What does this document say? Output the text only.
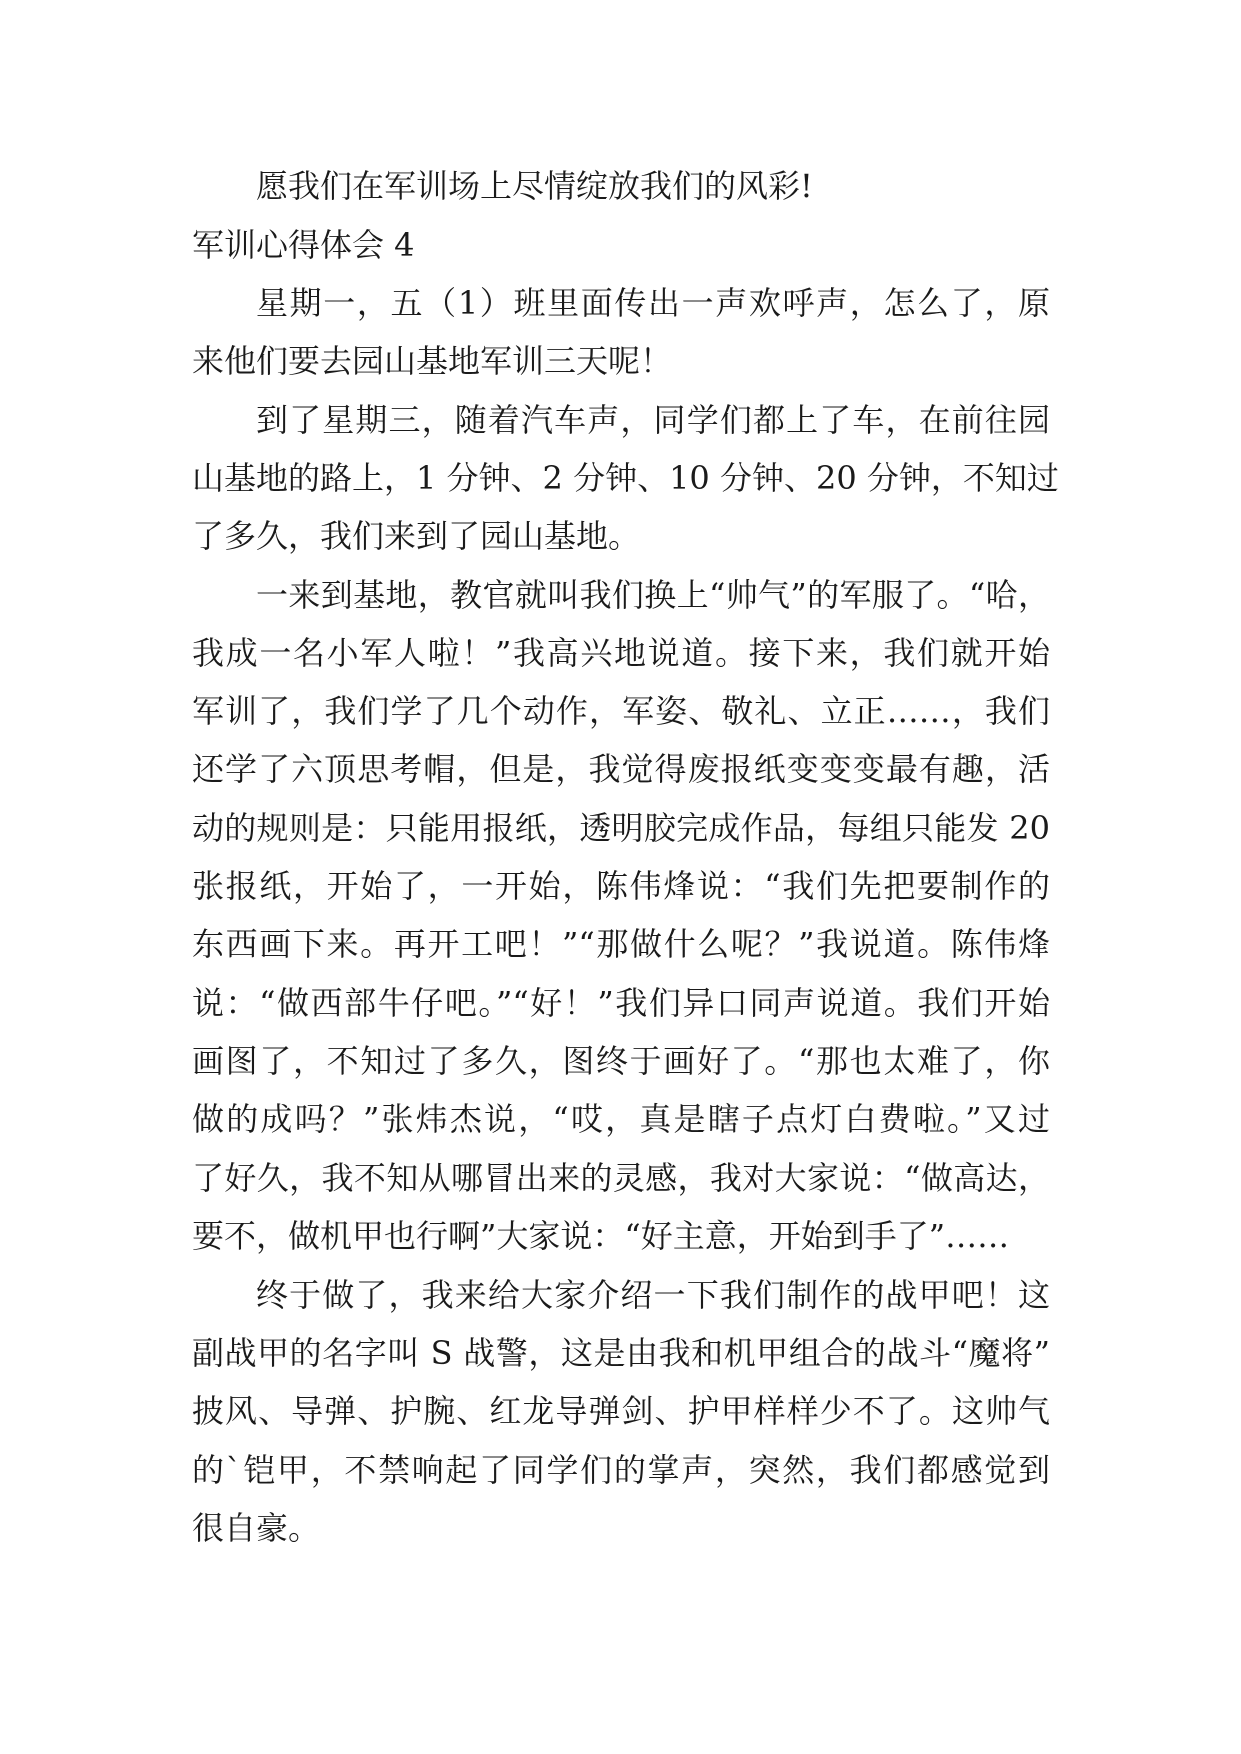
愿我们在军训场上尽情绽放我们的风彩!
军训心得体会 4
星期一，五（1）班里面传出一声欢呼声，怎么了，原
来他们要去园山基地军训三天呢！
到了星期三，随着汽车声，同学们都上了车，在前往园
山基地的路上，1 分钟、2 分钟、10 分钟、20 分钟，不知过
了多久，我们来到了园山基地。
一来到基地，教官就叫我们换上“帅气”的军服了。“哈，
我成一名小军人啦！”我高兴地说道。接下来，我们就开始
军训了，我们学了几个动作，军姿、敬礼、立正……，我们
还学了六顶思考帽，但是，我觉得废报纸变变变最有趣，活
动的规则是：只能用报纸，透明胶完成作品，每组只能发 20
张报纸，开始了，一开始，陈伟烽说：“我们先把要制作的
东西画下来。再开工吧！”“那做什么呢？”我说道。陈伟烽
说：“做西部牛仔吧。”“好！”我们异口同声说道。我们开始
画图了，不知过了多久，图终于画好了。“那也太难了，你
做的成吗？”张炜杰说，“哎，真是瞎子点灯白费啦。”又过
了好久，我不知从哪冒出来的灵感，我对大家说：“做高达，
要不，做机甲也行啊”大家说：“好主意，开始到手了”……
终于做了，我来给大家介绍一下我们制作的战甲吧！这
副战甲的名字叫 S 战警，这是由我和机甲组合的战斗“魔将”
披风、导弹、护腕、红龙导弹剑、护甲样样少不了。这帅气
的`铠甲，不禁响起了同学们的掌声，突然，我们都感觉到
很自豪。
